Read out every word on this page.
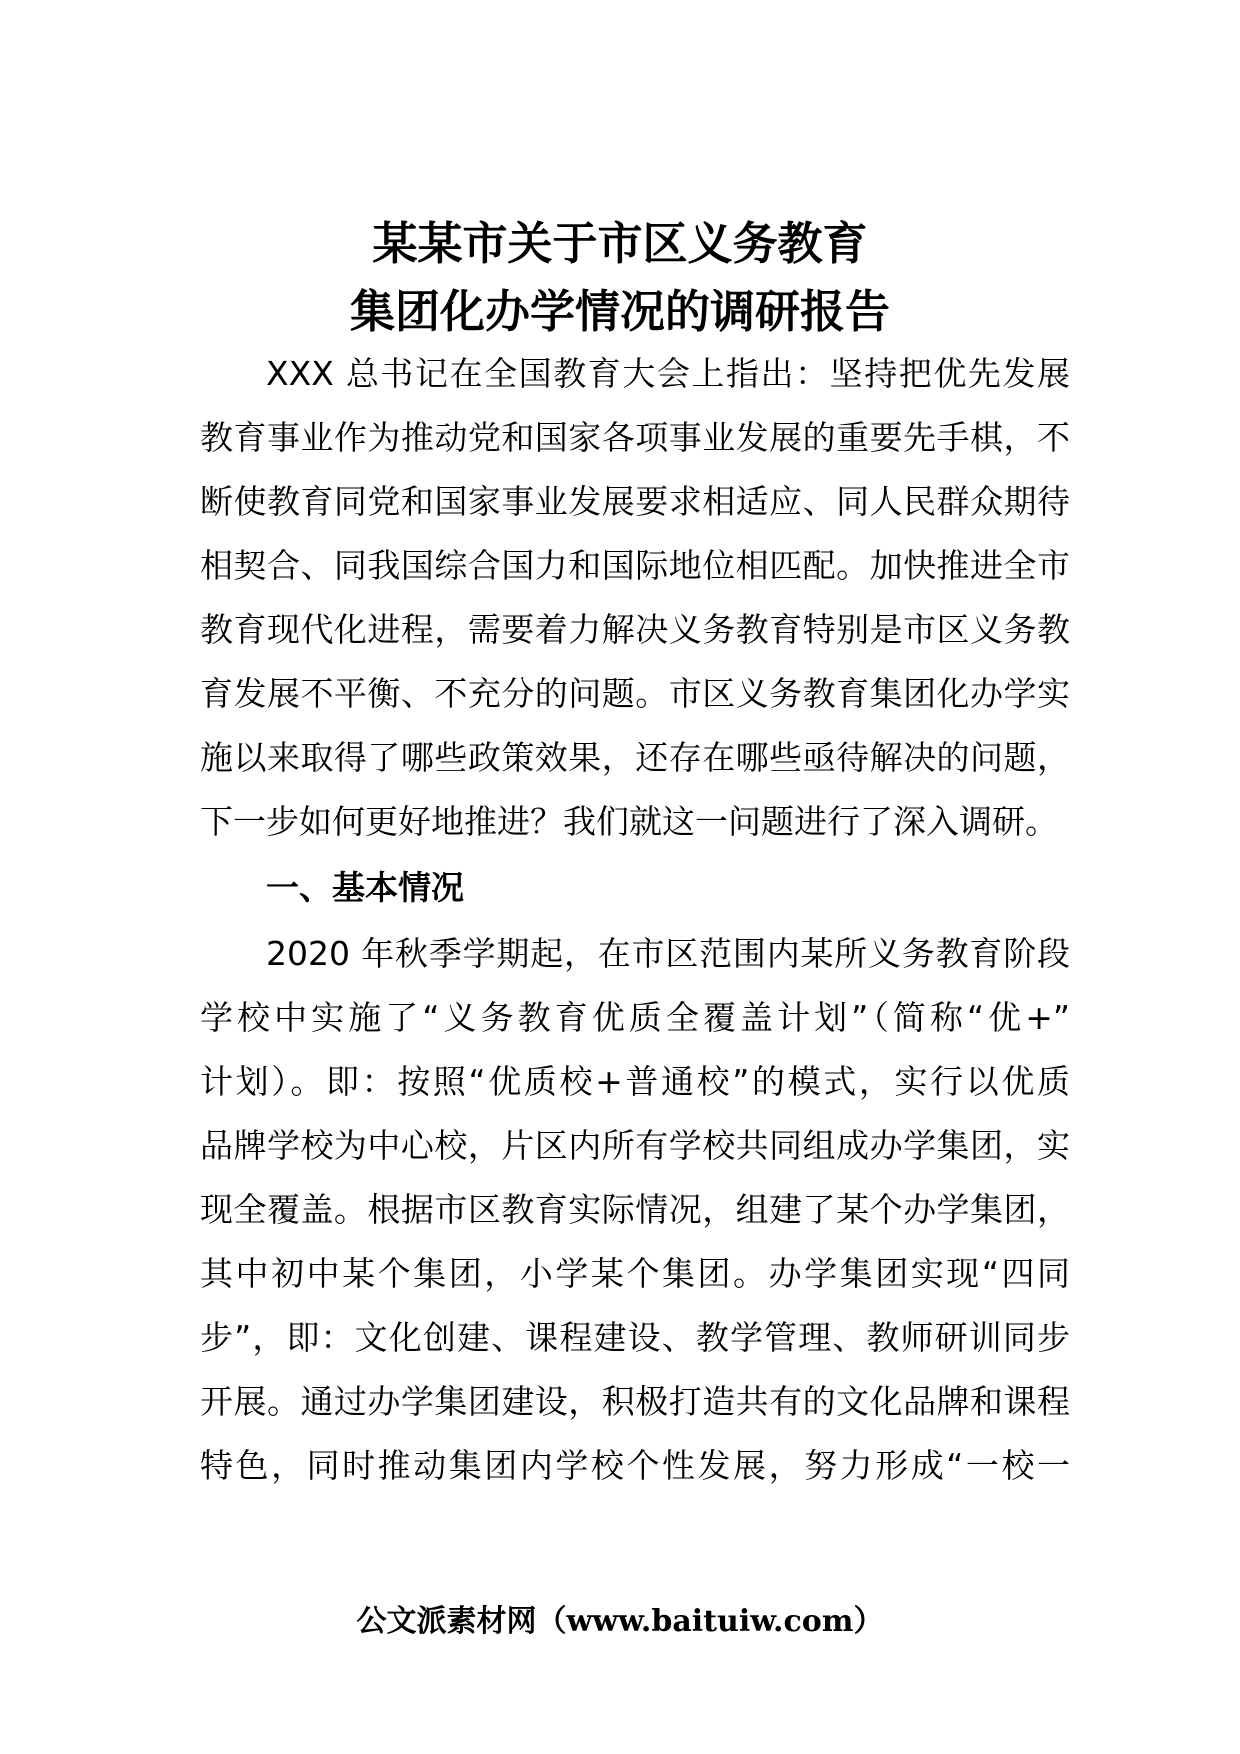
某某市关于市区义务教育
集团化办学情况的调研报告

XXX 总书记在全国教育大会上指出：坚持把优先发展

教育事业作为推动党和国家各项事业发展的重要先手棋，不

断使教育同党和国家事业发展要求相适应、同人民群众期待

相契合、同我国综合国力和国际地位相匹配。加快推进全市

教育现代化进程，需要着力解决义务教育特别是市区义务教

育发展不平衡、不充分的问题。市区义务教育集团化办学实

施以来取得了哪些政策效果，还存在哪些亟待解决的问题，

下一步如何更好地推进？我们就这一问题进行了深入调研。

一、基本情况

2020 年秋季学期起，在市区范围内某所义务教育阶段

学校中实施了“义务教育优质全覆盖计划”（简称“优+”

计划）。即：按照“优质校+普通校”的模式，实行以优质

品牌学校为中心校，片区内所有学校共同组成办学集团，实

现全覆盖。根据市区教育实际情况，组建了某个办学集团，

其中初中某个集团，小学某个集团。办学集团实现“四同

步”，即：文化创建、课程建设、教学管理、教师研训同步

开展。通过办学集团建设，积极打造共有的文化品牌和课程

特色，同时推动集团内学校个性发展，努力形成“一校一

公文派素材网（www.baituiw.com）
